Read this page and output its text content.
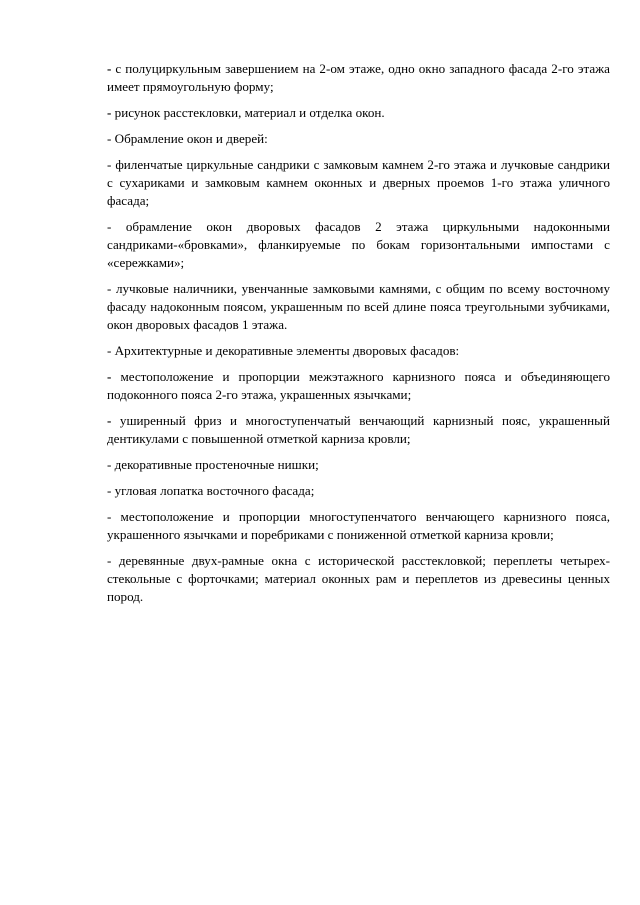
- с полуциркульным завершением на 2-ом этаже, одно окно западного фасада 2-го этажа имеет прямоугольную форму;

- рисунок расстекловки, материал и отделка окон.

- Обрамление окон и дверей:

- филенчатые циркульные сандрики с замковым камнем 2-го этажа и лучковые сандрики с сухариками и замковым камнем оконных и дверных проемов 1-го этажа уличного фасада;

- обрамление окон дворовых фасадов 2 этажа циркульными надоконными сандриками-«бровками», фланкируемые по бокам горизонтальными импостами с «сережками»;

- лучковые наличники, увенчанные замковыми камнями, с общим по всему восточному фасаду надоконным поясом, украшенным по всей длине пояса треугольными зубчиками, окон дворовых фасадов 1 этажа.

- Архитектурные и декоративные элементы дворовых фасадов:

- местоположение и пропорции межэтажного карнизного пояса и объединяющего подоконного пояса 2-го этажа, украшенных язычками;

- уширенный фриз и многоступенчатый венчающий карнизный пояс, украшенный дентикулами с повышенной отметкой карниза кровли;

- декоративные простеночные нишки;

- угловая лопатка восточного фасада;

- местоположение и пропорции многоступенчатого венчающего карнизного пояса, украшенного язычками и поребриками с пониженной отметкой карниза кровли;

- деревянные двух-рамные окна с исторической расстекловкой; переплеты четырех-стекольные с форточками; материал оконных рам и переплетов из древесины ценных пород.
